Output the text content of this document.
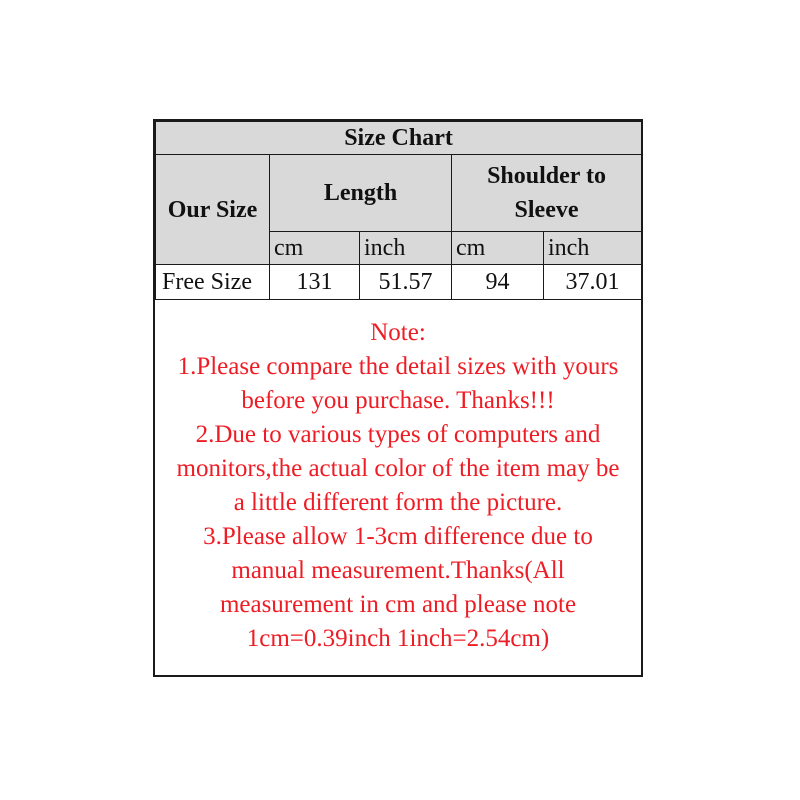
Size Chart				
Our Size	Length		Shoulder to
Sleeve	

	cm	inch	cm	inch
Free Size	131	51.57	94	37.01
Note:
1.Please compare the detail sizes with yours
before you purchase. Thanks!!!
2.Due to various types of computers and
monitors,the actual color of the item may be
a little different form the picture.
3.Please allow 1-3cm difference due to
manual measurement.Thanks(All
measurement in cm and please note
1cm=0.39inch 1inch=2.54cm)
